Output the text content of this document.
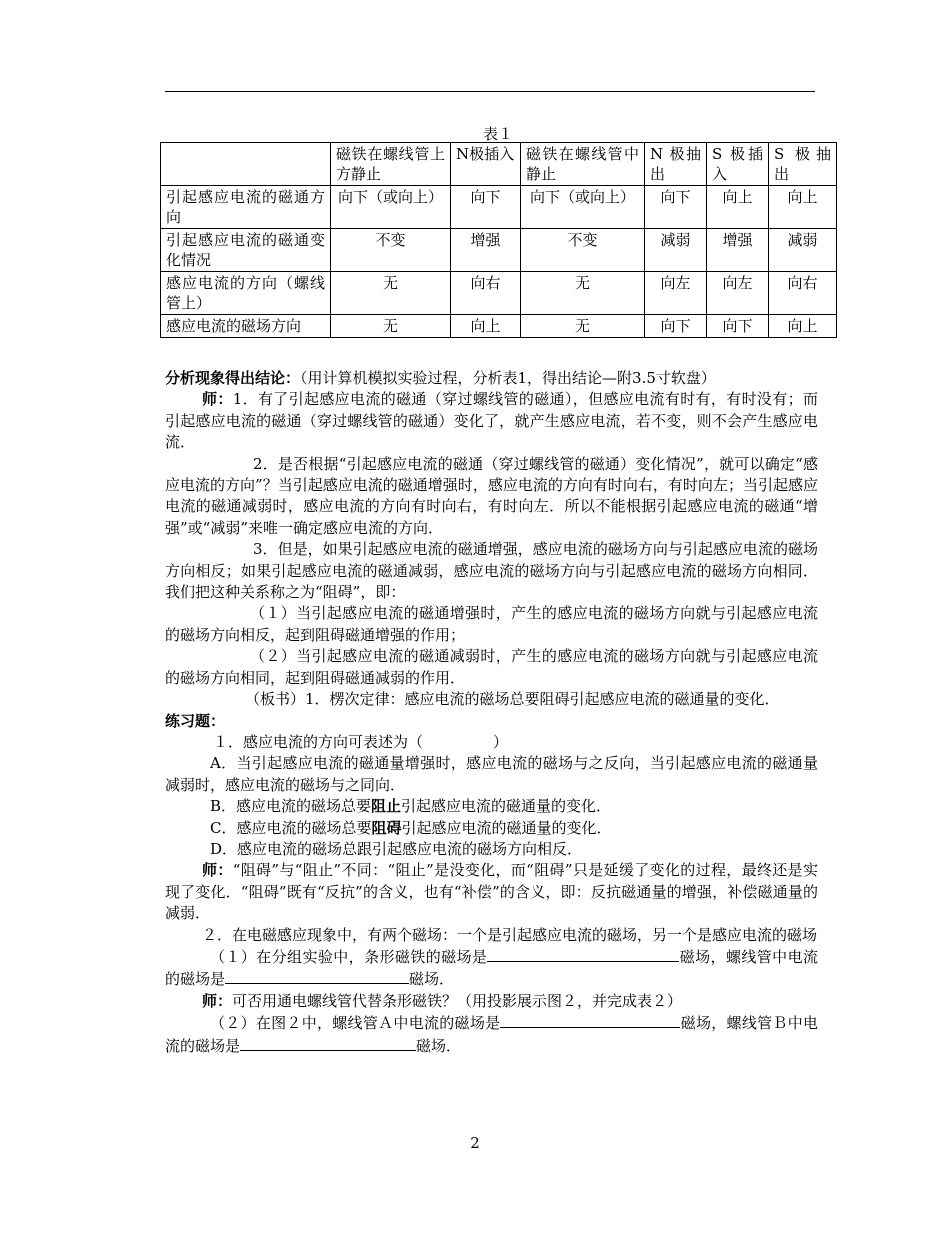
表１
	磁铁在螺线管上方静止	N极插入	磁铁在螺线管中静止	N 极抽出	S 极插入	S 极抽出
引起感应电流的磁通方向	向下（或向上）	向下	向下（或向上）	向下	向上	向上
引起感应电流的磁通变化情况	不变	增强	不变	减弱	增强	减弱
感应电流的方向（螺线管上）	无	向右	无	向左	向左	向右
感应电流的磁场方向	无	向上	无	向下	向下	向上

分析现象得出结论：（用计算机模拟实验过程，分析表1，得出结论—附3.5寸软盘）

师：1．有了引起感应电流的磁通（穿过螺线管的磁通），但感应电流有时有，有时没有；而引起感应电流的磁通（穿过螺线管的磁通）变化了，就产生感应电流，若不变，则不会产生感应电流．

2．是否根据“引起感应电流的磁通（穿过螺线管的磁通）变化情况”，就可以确定“感应电流的方向”？当引起感应电流的磁通增强时，感应电流的方向有时向右，有时向左；当引起感应电流的磁通减弱时，感应电流的方向有时向右，有时向左．所以不能根据引起感应电流的磁通“增强”或“减弱”来唯一确定感应电流的方向．

3．但是，如果引起感应电流的磁通增强，感应电流的磁场方向与引起感应电流的磁场方向相反；如果引起感应电流的磁通减弱，感应电流的磁场方向与引起感应电流的磁场方向相同．我们把这种关系称之为“阻碍”，即：

（１）当引起感应电流的磁通增强时，产生的感应电流的磁场方向就与引起感应电流的磁场方向相反，起到阻碍磁通增强的作用；

（２）当引起感应电流的磁通减弱时，产生的感应电流的磁场方向就与引起感应电流的磁场方向相同，起到阻碍磁通减弱的作用．

（板书）1．楞次定律：感应电流的磁场总要阻碍引起感应电流的磁通量的变化．

练习题：

１．感应电流的方向可表述为（	）

A．当引起感应电流的磁通量增强时，感应电流的磁场与之反向，当引起感应电流的磁通量减弱时，感应电流的磁场与之同向．

B．感应电流的磁场总要阻止引起感应电流的磁通量的变化．

C．感应电流的磁场总要阻碍引起感应电流的磁通量的变化．

D．感应电流的磁场总跟引起感应电流的磁场方向相反．

师：“阻碍”与“阻止”不同：“阻止”是没变化，而“阻碍”只是延缓了变化的过程，最终还是实现了变化．“阻碍”既有“反抗”的含义，也有“补偿”的含义，即：反抗磁通量的增强，补偿磁通量的减弱．

２．在电磁感应现象中，有两个磁场：一个是引起感应电流的磁场，另一个是感应电流的磁场

（１）在分组实验中，条形磁铁的磁场是	磁场，螺线管中电流的磁场是	磁场．

师：可否用通电螺线管代替条形磁铁？（用投影展示图２，并完成表２）

（２）在图２中，螺线管Ａ中电流的磁场是	磁场，螺线管Ｂ中电流的磁场是	磁场．

2
